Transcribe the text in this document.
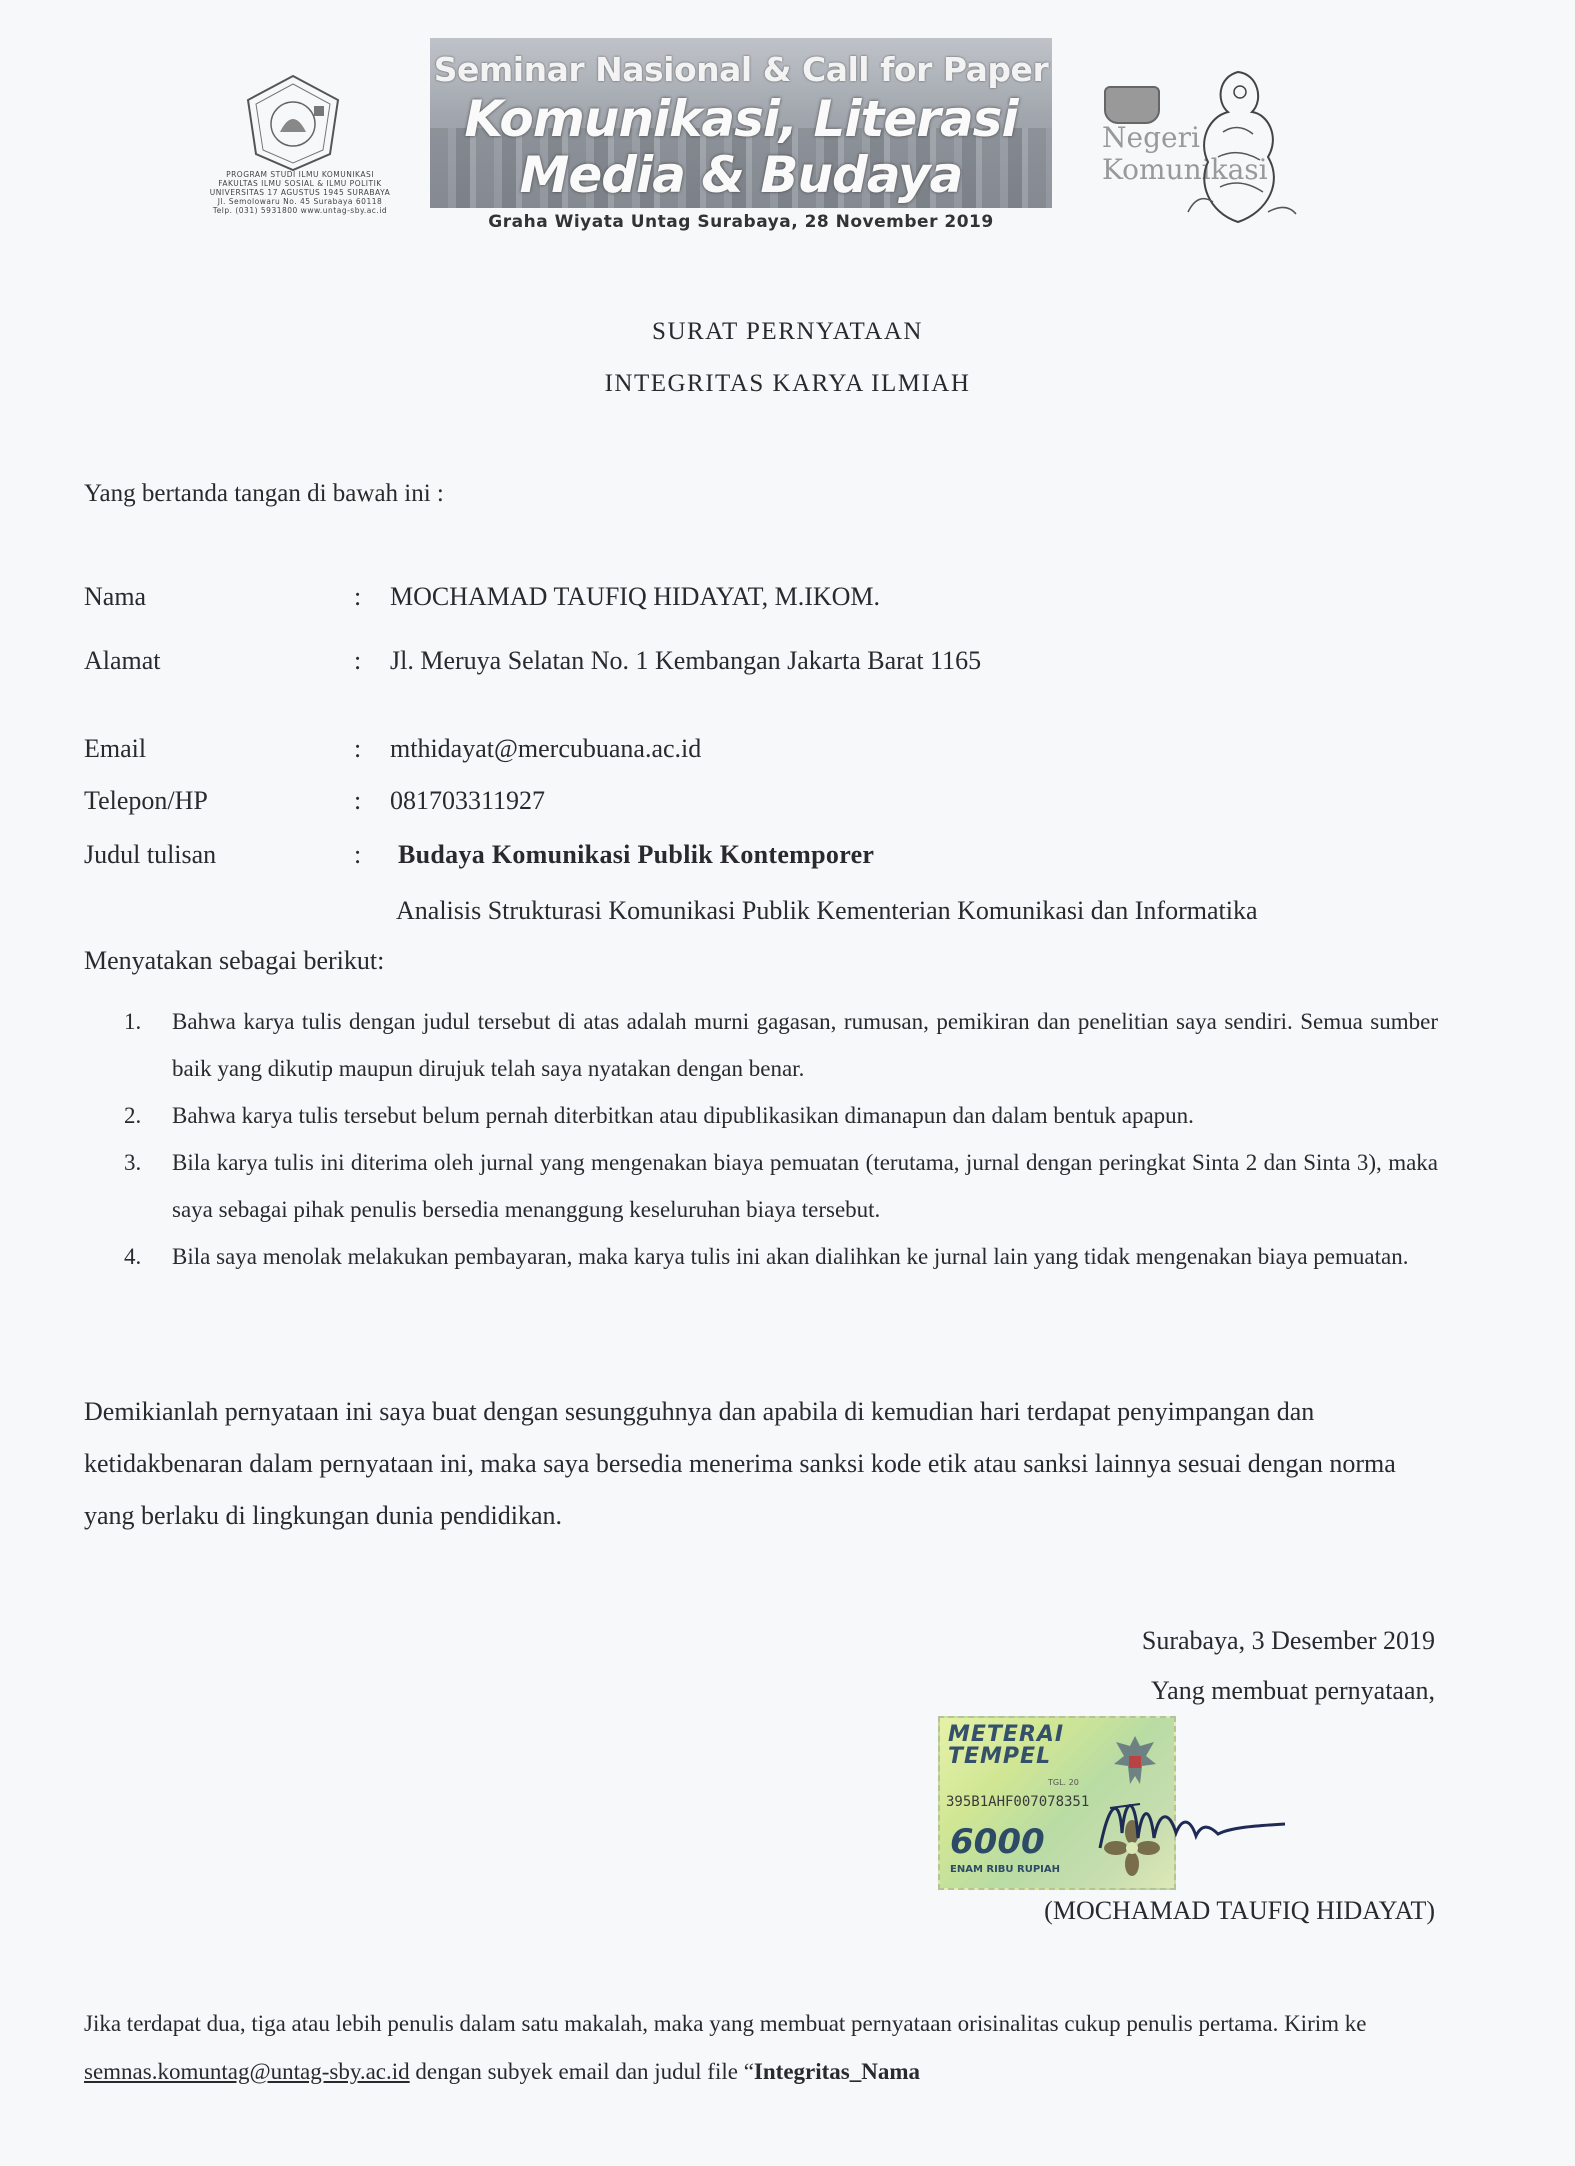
PROGRAM STUDI ILMU KOMUNIKASI
FAKULTAS ILMU SOSIAL & ILMU POLITIK
UNIVERSITAS 17 AGUSTUS 1945 SURABAYA
Jl. Semolowaru No. 45 Surabaya 60118
Telp. (031) 5931800 www.untag-sby.ac.id
Seminar Nasional & Call for Paper
Komunikasi, Literasi
Media & Budaya
Graha Wiyata Untag Surabaya, 28 November 2019
Negeri
Komunikasi
SURAT PERNYATAAN
INTEGRITAS KARYA ILMIAH
Yang bertanda tangan di bawah ini :
Nama	: MOCHAMAD TAUFIQ HIDAYAT, M.IKOM.
Alamat	: Jl. Meruya Selatan No. 1 Kembangan Jakarta Barat 1165
Email	: mthidayat@mercubuana.ac.id
Telepon/HP	: 081703311927
Judul tulisan	: Budaya Komunikasi Publik Kontemporer
Analisis Strukturasi Komunikasi Publik Kementerian Komunikasi dan Informatika
Menyatakan sebagai berikut:
1. Bahwa karya tulis dengan judul tersebut di atas adalah murni gagasan, rumusan, pemikiran dan penelitian saya sendiri. Semua sumber baik yang dikutip maupun dirujuk telah saya nyatakan dengan benar.
2. Bahwa karya tulis tersebut belum pernah diterbitkan atau dipublikasikan dimanapun dan dalam bentuk apapun.
3. Bila karya tulis ini diterima oleh jurnal yang mengenakan biaya pemuatan (terutama, jurnal dengan peringkat Sinta 2 dan Sinta 3), maka saya sebagai pihak penulis bersedia menanggung keseluruhan biaya tersebut.
4. Bila saya menolak melakukan pembayaran, maka karya tulis ini akan dialihkan ke jurnal lain yang tidak mengenakan biaya pemuatan.
Demikianlah pernyataan ini saya buat dengan sesungguhnya dan apabila di kemudian hari terdapat penyimpangan dan ketidakbenaran dalam pernyataan ini, maka saya bersedia menerima sanksi kode etik atau sanksi lainnya sesuai dengan norma yang berlaku di lingkungan dunia pendidikan.
Surabaya, 3 Desember 2019
Yang membuat pernyataan,
METERAI
TEMPEL
TGL. 20
395B1AHF007078351
6000
ENAM RIBU RUPIAH
(MOCHAMAD TAUFIQ HIDAYAT)
Jika terdapat dua, tiga atau lebih penulis dalam satu makalah, maka yang membuat pernyataan orisinalitas cukup penulis pertama. Kirim ke semnas.komuntag@untag-sby.ac.id dengan subyek email dan judul file “Integritas_Nama
